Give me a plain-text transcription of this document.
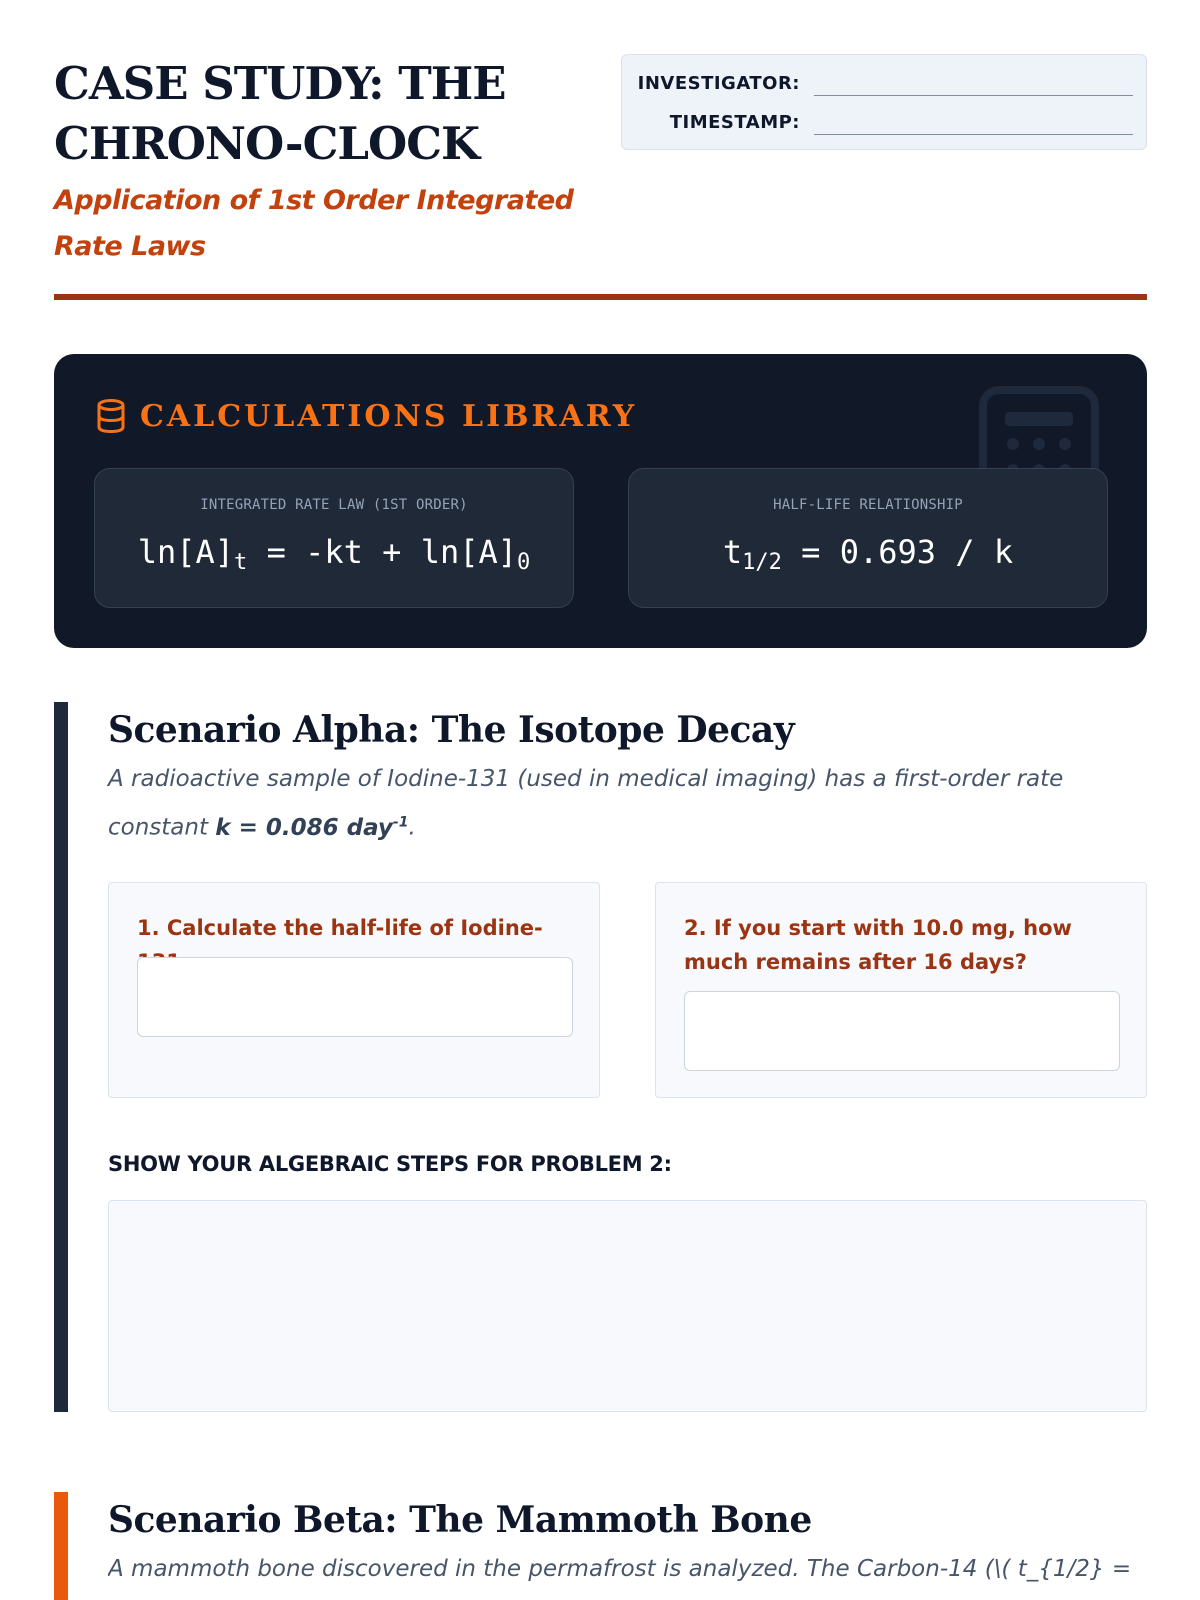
CASE STUDY: THE CHRONO-CLOCK
Application of 1st Order Integrated Rate Laws
INVESTIGATOR:
TIMESTAMP:
CALCULATIONS LIBRARY
INTEGRATED RATE LAW (1ST ORDER)
$\ln[A]_t = -kt + \ln[A]_0$
HALF-LIFE RELATIONSHIP
$t_{1/2} = 0.693 / k$
Scenario Alpha: The Isotope Decay

A radioactive sample of Iodine-131 (used in medical imaging) has a first-order rate constant k = 0.086 day$^{-1}$.

1. Calculate the half-life of Iodine-	2. If you start with 10.0 mg, how much remains after 16 days?
SHOW YOUR ALGEBRAIC STEPS FOR PROBLEM 2:
Scenario Beta: The Mammoth Bone

A mammoth bone discovered in the permafrost is analyzed. The Carbon-14 (\( t_{1/2} =
